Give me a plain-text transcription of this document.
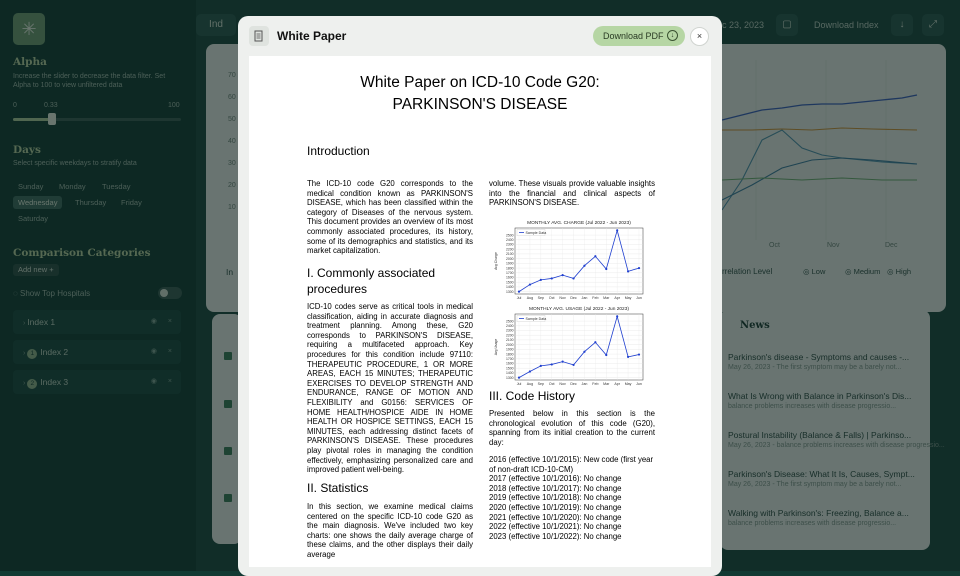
White Paper	Download PDF	↓	×
White Paper on ICD-10 Code G20:
PARKINSON'S DISEASE
Introduction
The ICD-10 code G20 corresponds to the medical condition known as PARKINSON'S DISEASE, which has been classified within the category of Diseases of the nervous system. This document provides an overview of its most commonly associated procedures, its history, some of its demographics and statistics, and its market capitalization.
I. Commonly associated procedures
ICD-10 codes serve as critical tools in medical classification, aiding in accurate diagnosis and treatment planning. Among these, G20 corresponds to PARKINSON'S DISEASE, requiring a multifaceted approach. Key procedures for this condition include 97110: THERAPEUTIC PROCEDURE, 1 OR MORE AREAS, EACH 15 MINUTES; THERAPEUTIC EXERCISES TO DEVELOP STRENGTH AND ENDURANCE, RANGE OF MOTION AND FLEXIBILITY and G0156: SERVICES OF HOME HEALTH/HOSPICE AIDE IN HOME HEALTH OR HOSPICE SETTINGS, EACH 15 MINUTES, each addressing distinct facets of PARKINSON'S DISEASE. These procedures play pivotal roles in managing the condition effectively, emphasizing personalized care and improved patient well-being.
II. Statistics
In this section, we examine medical claims centered on the specific ICD-10 code G20 as the main diagnosis. We've included two key charts: one shows the daily average charge of these claims, and the other displays their daily average
volume. These visuals provide valuable insights into the financial and clinical aspects of PARKINSON'S DISEASE.
MONTHLY AVG. CHARGE (Jul 2022 - Jun 2023)
1300
1400
1500
1600
1700
1800
1900
2000
2100
2200
2300
2400
2500
Jul Aug Sep Oct Nov Dec Jan Feb Mar Apr May Jun
Avg Charge
Sample Data
MONTHLY AVG. USAGE (Jul 2022 - Jun 2023)
1300
1400
1500
1600
1700
1800
1900
2000
2100
2200
2300
2400
2500
Jul Aug Sep Oct Nov Dec Jan Feb Mar Apr May Jun
Avg Usage
Sample Data
III. Code History
Presented below in this section is the chronological evolution of this code (G20), spanning from its initial creation to the current day:
2016 (effective 10/1/2015): New code (first year of non-draft ICD-10-CM)
2017 (effective 10/1/2016): No change
2018 (effective 10/1/2017): No change
2019 (effective 10/1/2018): No change
2020 (effective 10/1/2019): No change
2021 (effective 10/1/2020): No change
2022 (effective 10/1/2021): No change
2023 (effective 10/1/2022): No change
